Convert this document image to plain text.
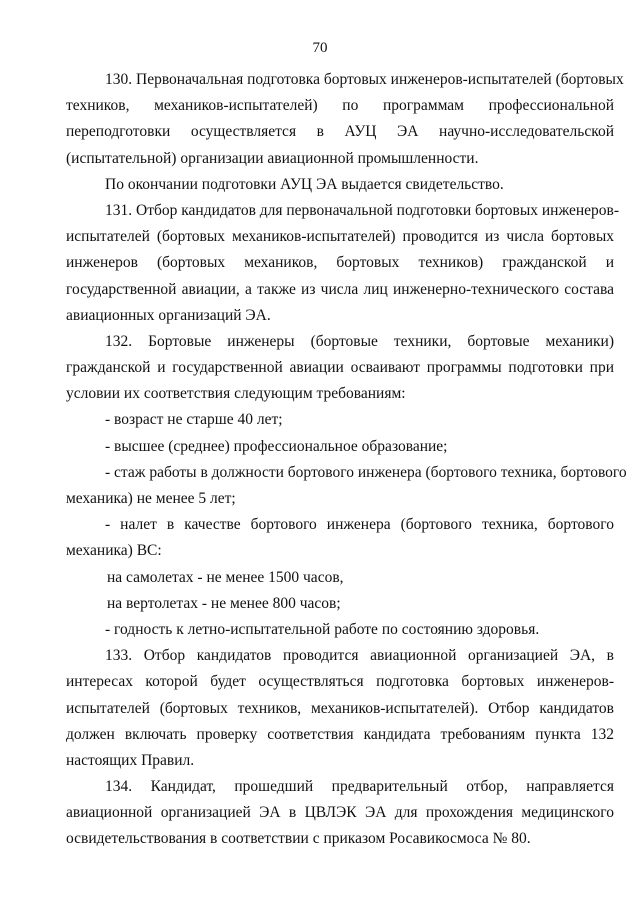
70
130. Первоначальная подготовка бортовых инженеров-испытателей (бортовых
техников, механиков-испытателей) по программам профессиональной
переподготовки осуществляется в АУЦ ЭА научно-исследовательской
(испытательной) организации авиационной промышленности.
По окончании подготовки АУЦ ЭА выдается свидетельство.
131. Отбор кандидатов для первоначальной подготовки бортовых инженеров-
испытателей (бортовых механиков-испытателей) проводится из числа бортовых
инженеров (бортовых механиков, бортовых техников) гражданской и
государственной авиации, а также из числа лиц инженерно-технического состава
авиационных организаций ЭА.
132. Бортовые инженеры (бортовые техники, бортовые механики)
гражданской и государственной авиации осваивают программы подготовки при
условии их соответствия следующим требованиям:
- возраст не старше 40 лет;
- высшее (среднее) профессиональное образование;
- стаж работы в должности бортового инженера (бортового техника, бортового
механика) не менее 5 лет;
- налет в качестве бортового инженера (бортового техника, бортового
механика) ВС:
на самолетах - не менее 1500 часов,
на вертолетах - не менее 800 часов;
- годность к летно-испытательной работе по состоянию здоровья.
133. Отбор кандидатов проводится авиационной организацией ЭА, в
интересах которой будет осуществляться подготовка бортовых инженеров-
испытателей (бортовых техников, механиков-испытателей). Отбор кандидатов
должен включать проверку соответствия кандидата требованиям пункта 132
настоящих Правил.
134. Кандидат, прошедший предварительный отбор, направляется
авиационной организацией ЭА в ЦВЛЭК ЭА для прохождения медицинского
освидетельствования в соответствии с приказом Росавикосмоса № 80.
